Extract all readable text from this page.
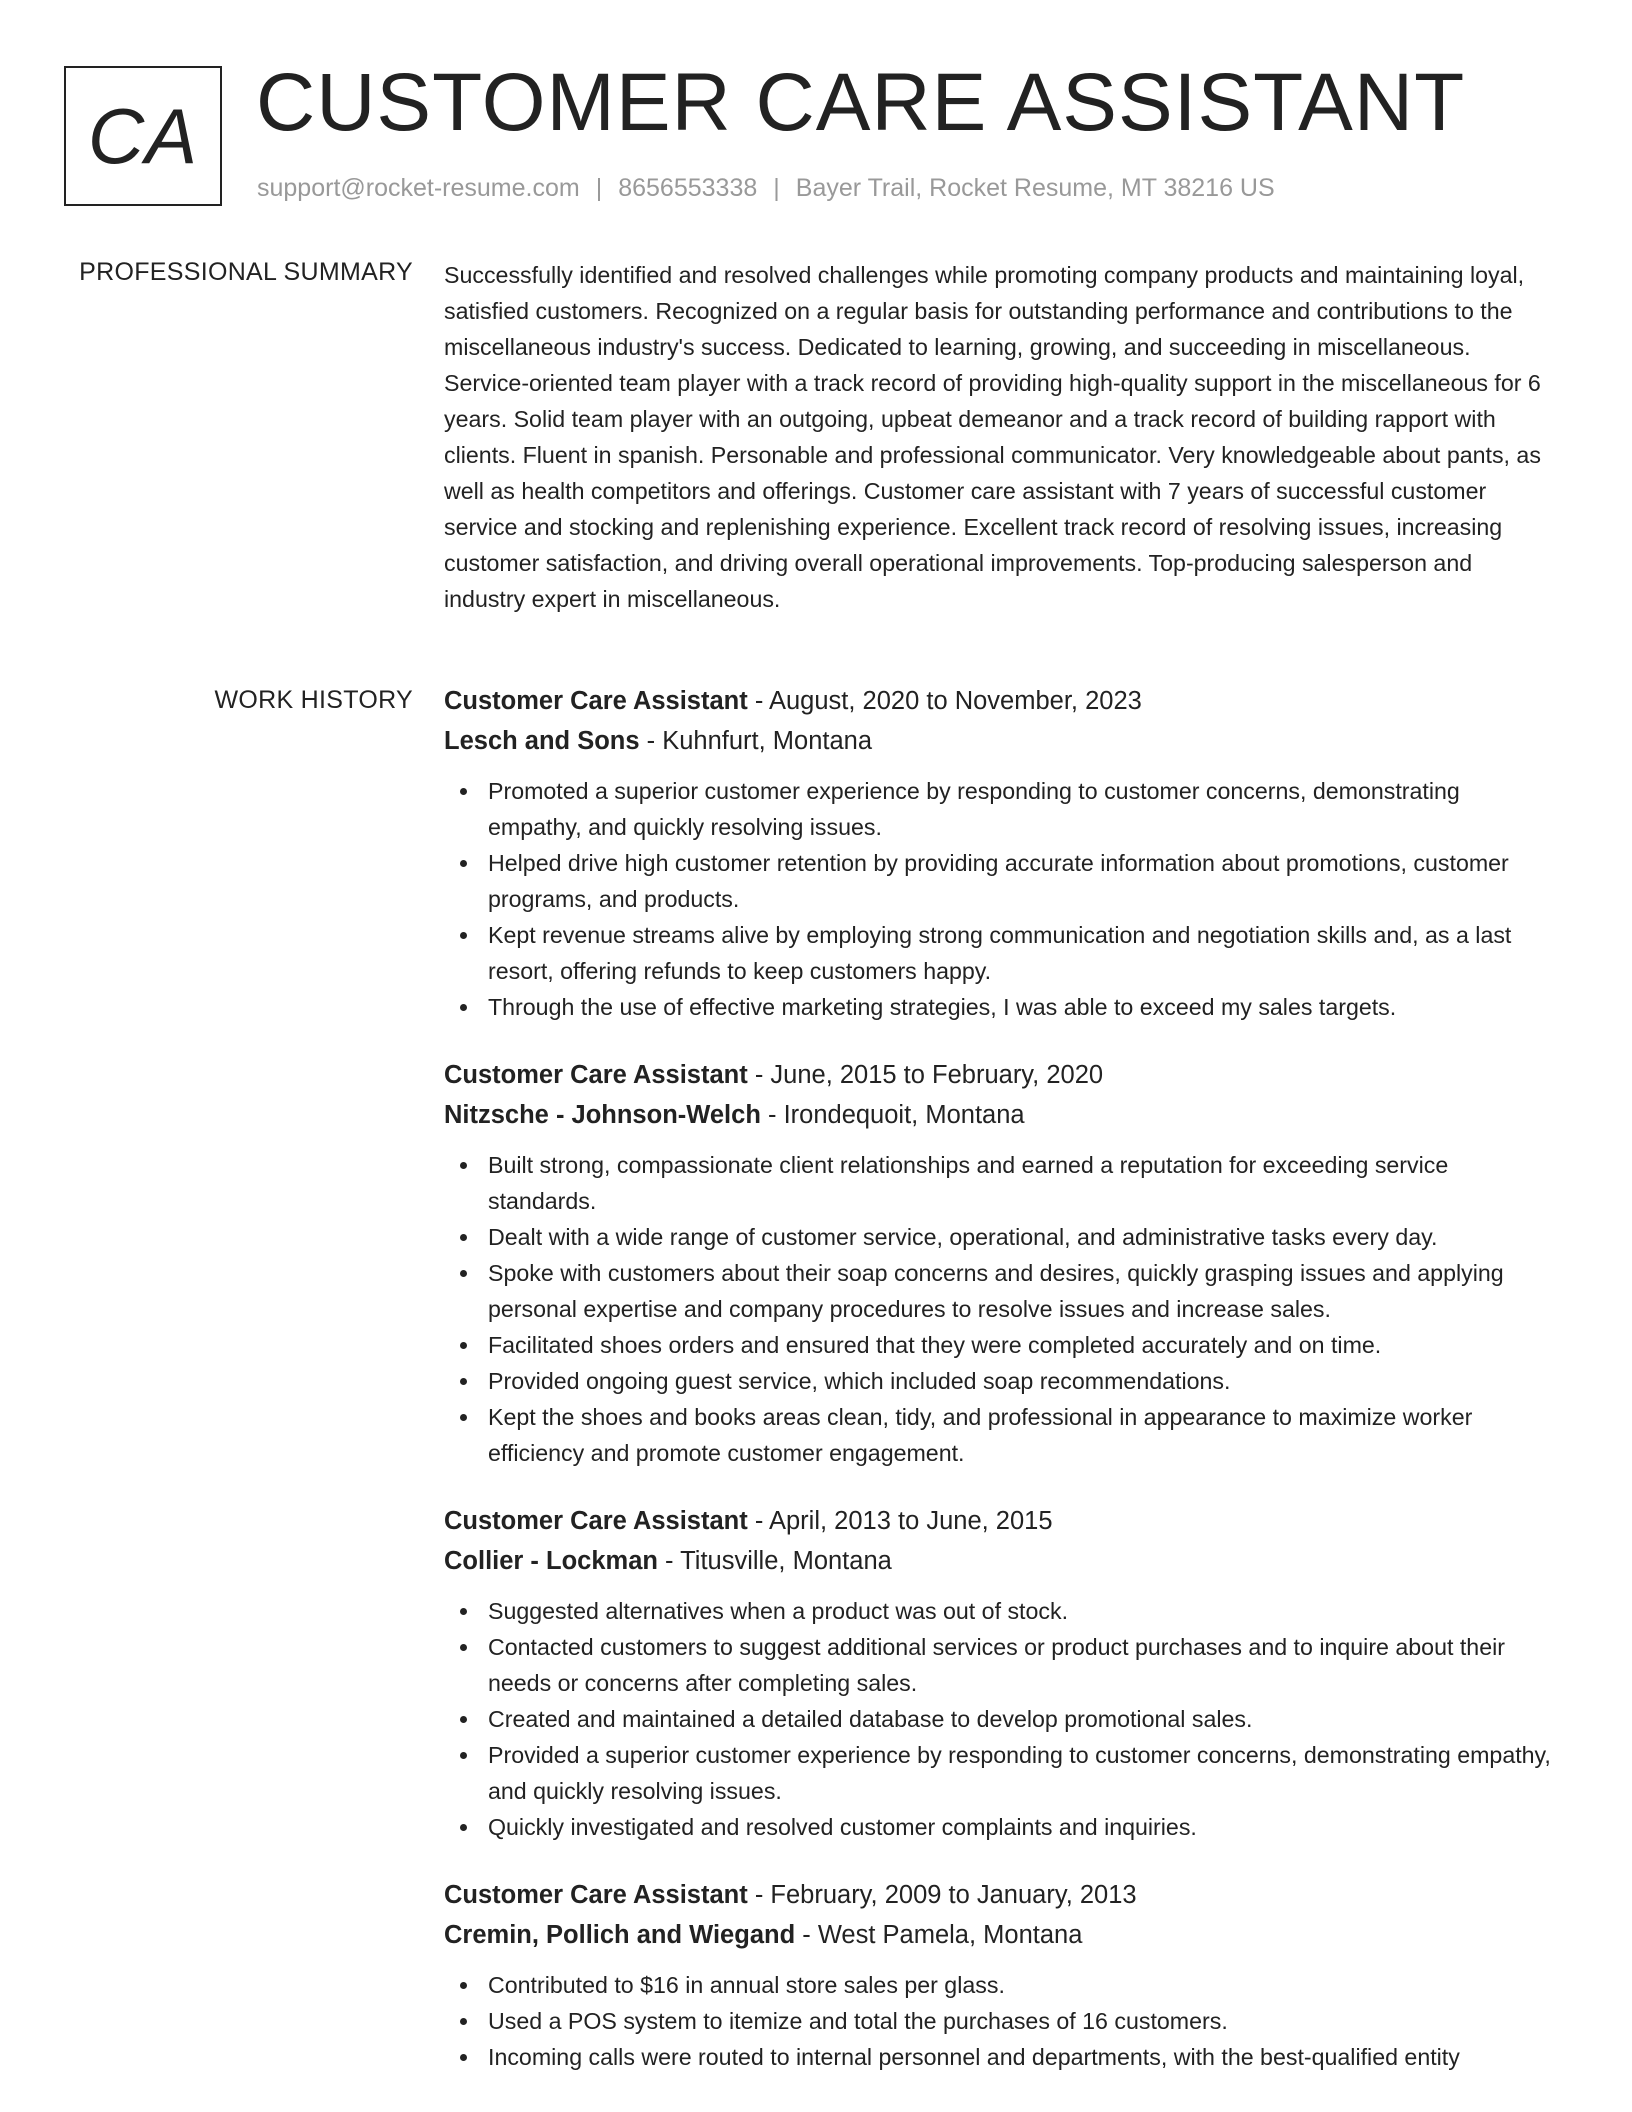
CA CUSTOMER CARE ASSISTANT
support@rocket-resume.com | 8656553338 | Bayer Trail, Rocket Resume, MT 38216 US
PROFESSIONAL SUMMARY Successfully identified and resolved challenges while promoting company products and maintaining loyal, satisfied customers. Recognized on a regular basis for outstanding performance and contributions to the miscellaneous industry's success. Dedicated to learning, growing, and succeeding in miscellaneous. Service-oriented team player with a track record of providing high-quality support in the miscellaneous for 6 years. Solid team player with an outgoing, upbeat demeanor and a track record of building rapport with clients. Fluent in spanish. Personable and professional communicator. Very knowledgeable about pants, as well as health competitors and offerings. Customer care assistant with 7 years of successful customer service and stocking and replenishing experience. Excellent track record of resolving issues, increasing customer satisfaction, and driving overall operational improvements. Top-producing salesperson and industry expert in miscellaneous.

WORK HISTORY Customer Care Assistant - August, 2020 to November, 2023
Lesch and Sons - Kuhnfurt, Montana
Promoted a superior customer experience by responding to customer concerns, demonstrating empathy, and quickly resolving issues.
Helped drive high customer retention by providing accurate information about promotions, customer programs, and products.
Kept revenue streams alive by employing strong communication and negotiation skills and, as a last resort, offering refunds to keep customers happy.
Through the use of effective marketing strategies, I was able to exceed my sales targets.
Customer Care Assistant - June, 2015 to February, 2020
Nitzsche - Johnson-Welch - Irondequoit, Montana
Built strong, compassionate client relationships and earned a reputation for exceeding service standards.
Dealt with a wide range of customer service, operational, and administrative tasks every day.
Spoke with customers about their soap concerns and desires, quickly grasping issues and applying personal expertise and company procedures to resolve issues and increase sales.
Facilitated shoes orders and ensured that they were completed accurately and on time.
Provided ongoing guest service, which included soap recommendations.
Kept the shoes and books areas clean, tidy, and professional in appearance to maximize worker efficiency and promote customer engagement.
Customer Care Assistant - April, 2013 to June, 2015
Collier - Lockman - Titusville, Montana
Suggested alternatives when a product was out of stock.
Contacted customers to suggest additional services or product purchases and to inquire about their needs or concerns after completing sales.
Created and maintained a detailed database to develop promotional sales.
Provided a superior customer experience by responding to customer concerns, demonstrating empathy, and quickly resolving issues.
Quickly investigated and resolved customer complaints and inquiries.
Customer Care Assistant - February, 2009 to January, 2013
Cremin, Pollich and Wiegand - West Pamela, Montana
Contributed to $16 in annual store sales per glass.
Used a POS system to itemize and total the purchases of 16 customers.
Incoming calls were routed to internal personnel and departments, with the best-qualified entity
